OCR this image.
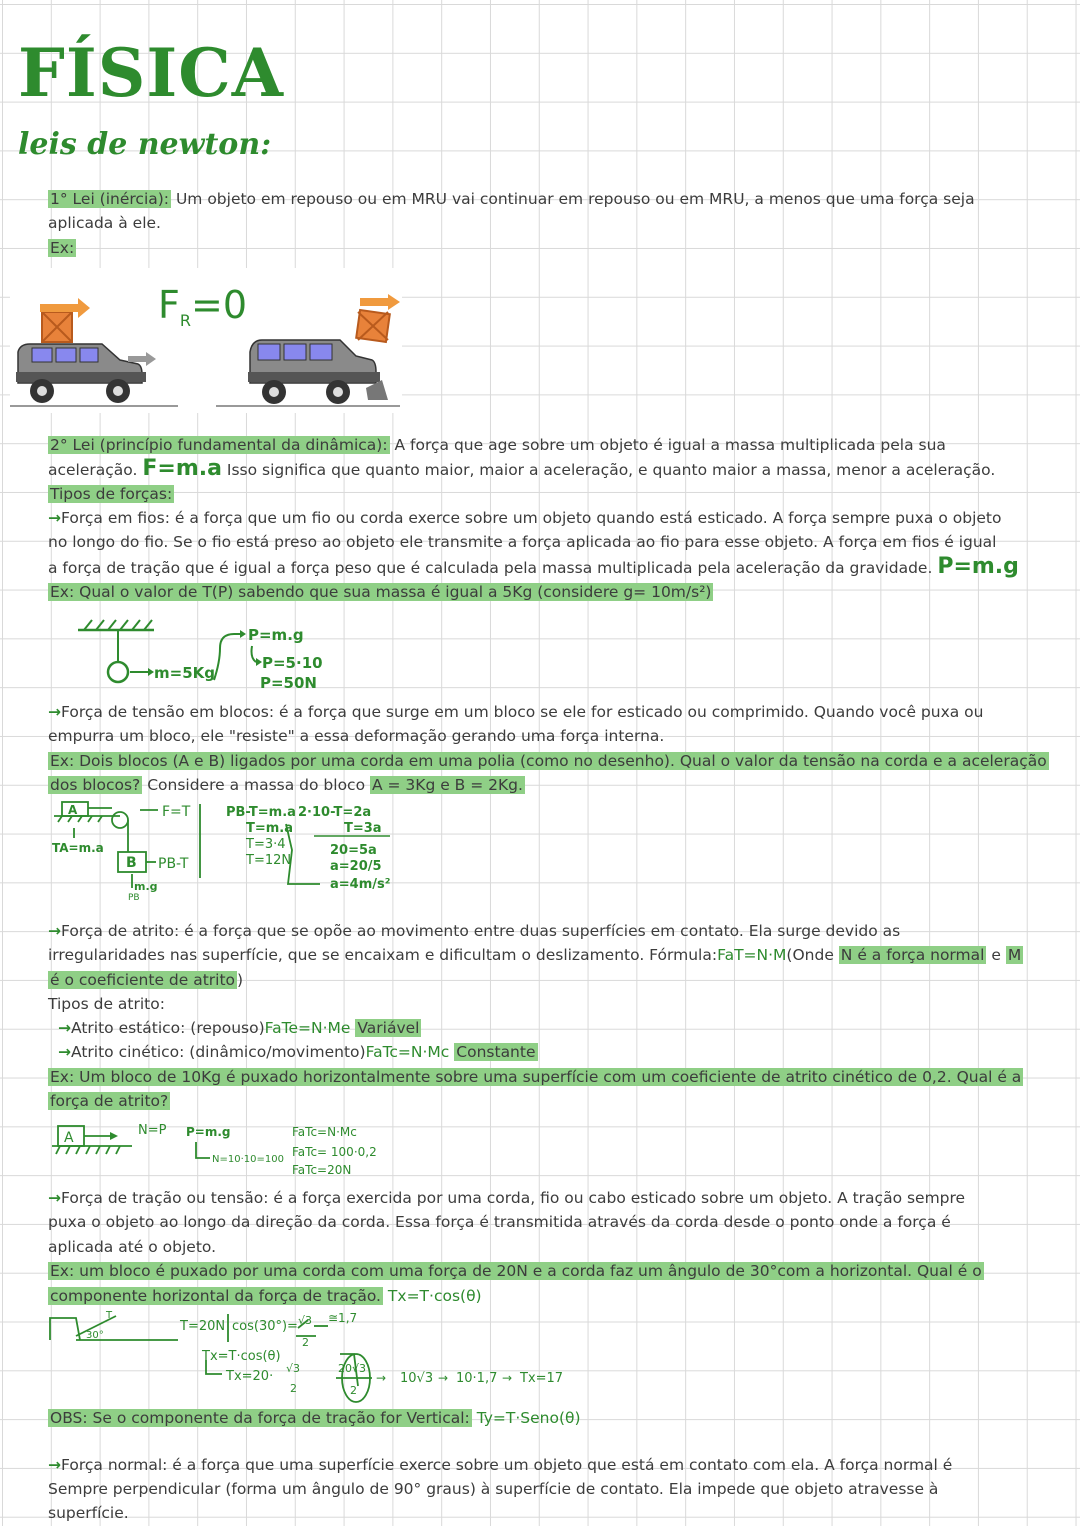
FÍSICA
leis de newton:
1° Lei (inércia): Um objeto em repouso ou em MRU vai continuar em repouso ou em MRU, a menos que uma força seja
aplicada à ele.
Ex:
$F_R=0$
2° Lei (princípio fundamental da dinâmica): A força que age sobre um objeto é igual a massa multiplicada pela sua
aceleração. F=m.a Isso significa que quanto maior, maior a aceleração, e quanto maior a massa, menor a aceleração.
Tipos de forças:
→Força em fios: é a força que um fio ou corda exerce sobre um objeto quando está esticado. A força sempre puxa o objeto
no longo do fio. Se o fio está preso ao objeto ele transmite a força aplicada ao fio para esse objeto. A força em fios é igual
a força de tração que é igual a força peso que é calculada pela massa multiplicada pela aceleração da gravidade. P=m.g
Ex: Qual o valor de T(P) sabendo que sua massa é igual a 5Kg (considere g= 10m/s²)
m=5Kg
P=m.g
P=5·10
P=50N
→Força de tensão em blocos: é a força que surge em um bloco se ele for esticado ou comprimido. Quando você puxa ou
empurra um bloco, ele "resiste" a essa deformação gerando uma força interna.
Ex: Dois blocos (A e B) ligados por uma corda em uma polia (como no desenho). Qual o valor da tensão na corda e a aceleração
dos blocos? Considere a massa do bloco A = 3Kg e B = 2Kg.
A
TA=m.a
F=T
B PB-T
m.g
PB
PB-T=m.a
T=m.a
T=3·4
T=12N
2·10-T=2a
T=3a
20=5a
a=20/5
a=4m/s²
→Força de atrito: é a força que se opõe ao movimento entre duas superfícies em contato. Ela surge devido as
irregularidades nas superfície, que se encaixam e dificultam o deslizamento. Fórmula:FaT=N·M(Onde N é a força normal e M
é o coeficiente de atrito )
Tipos de atrito:
→Atrito estático: (repouso)FaTe=N·Me Variável
→Atrito cinético: (dinâmico/movimento)FaTc=N·Mc Constante
Ex: Um bloco de 10Kg é puxado horizontalmente sobre uma superfície com um coeficiente de atrito cinético de 0,2. Qual é a
força de atrito?
A	N=P P=m.g
N=10·10=100
FaTc=N·Mc
FaTc= 100·0,2
FaTc=20N
→Força de tração ou tensão: é a força exercida por uma corda, fio ou cabo esticado sobre um objeto. A tração sempre
puxa o objeto ao longo da direção da corda. Essa força é transmitida através da corda desde o ponto onde a força é
aplicada até o objeto.
Ex: um bloco é puxado por uma corda com uma força de 20N e a corda faz um ângulo de 30°com a horizontal. Qual é o
componente horizontal da força de tração. Tx=T·cos(θ)
T
30°
T=20N cos(30°)= √3
2
≅1,7
Tx=T·cos(θ)
Tx=20·
√3
2
20√3
2
→ 10√3 → 10·1,7 → Tx=17
OBS: Se o componente da força de tração for Vertical: Ty=T·Seno(θ)
→Força normal: é a força que uma superfície exerce sobre um objeto que está em contato com ela. A força normal é
Sempre perpendicular (forma um ângulo de 90° graus) à superfície de contato. Ela impede que objeto atravesse à
superfície.
